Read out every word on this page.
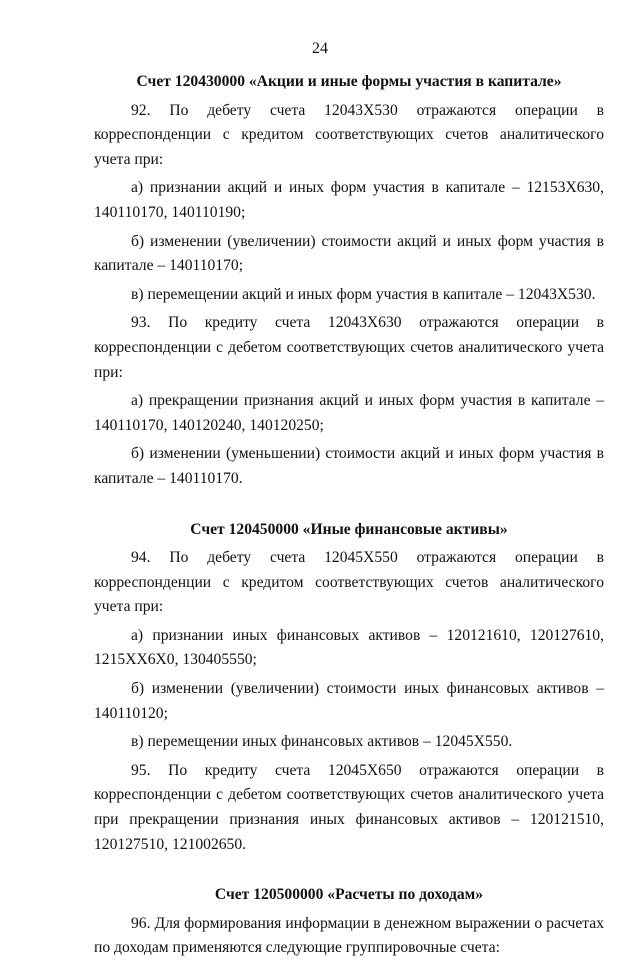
24

Счет 120430000 «Акции и иные формы участия в капитале»

92. По дебету счета 12043Х530 отражаются операции в корреспонденции с кредитом соответствующих счетов аналитического учета при:

а) признании акций и иных форм участия в капитале – 12153Х630, 140110170, 140110190;

б) изменении (увеличении) стоимости акций и иных форм участия в капитале – 140110170;

в) перемещении акций и иных форм участия в капитале – 12043Х530.

93. По кредиту счета 12043Х630 отражаются операции в корреспонденции с дебетом соответствующих счетов аналитического учета при:

а) прекращении признания акций и иных форм участия в капитале – 140110170, 140120240, 140120250;

б) изменении (уменьшении) стоимости акций и иных форм участия в капитале – 140110170.

Счет 120450000 «Иные финансовые активы»

94. По дебету счета 12045Х550 отражаются операции в корреспонденции с кредитом соответствующих счетов аналитического учета при:

а) признании иных финансовых активов – 120121610, 120127610, 1215ХХ6Х0, 130405550;

б) изменении (увеличении) стоимости иных финансовых активов – 140110120;

в) перемещении иных финансовых активов – 12045Х550.

95. По кредиту счета 12045Х650 отражаются операции в корреспонденции с дебетом соответствующих счетов аналитического учета при прекращении признания иных финансовых активов – 120121510, 120127510, 121002650.

Счет 120500000 «Расчеты по доходам»

96. Для формирования информации в денежном выражении о расчетах по доходам применяются следующие группировочные счета:
